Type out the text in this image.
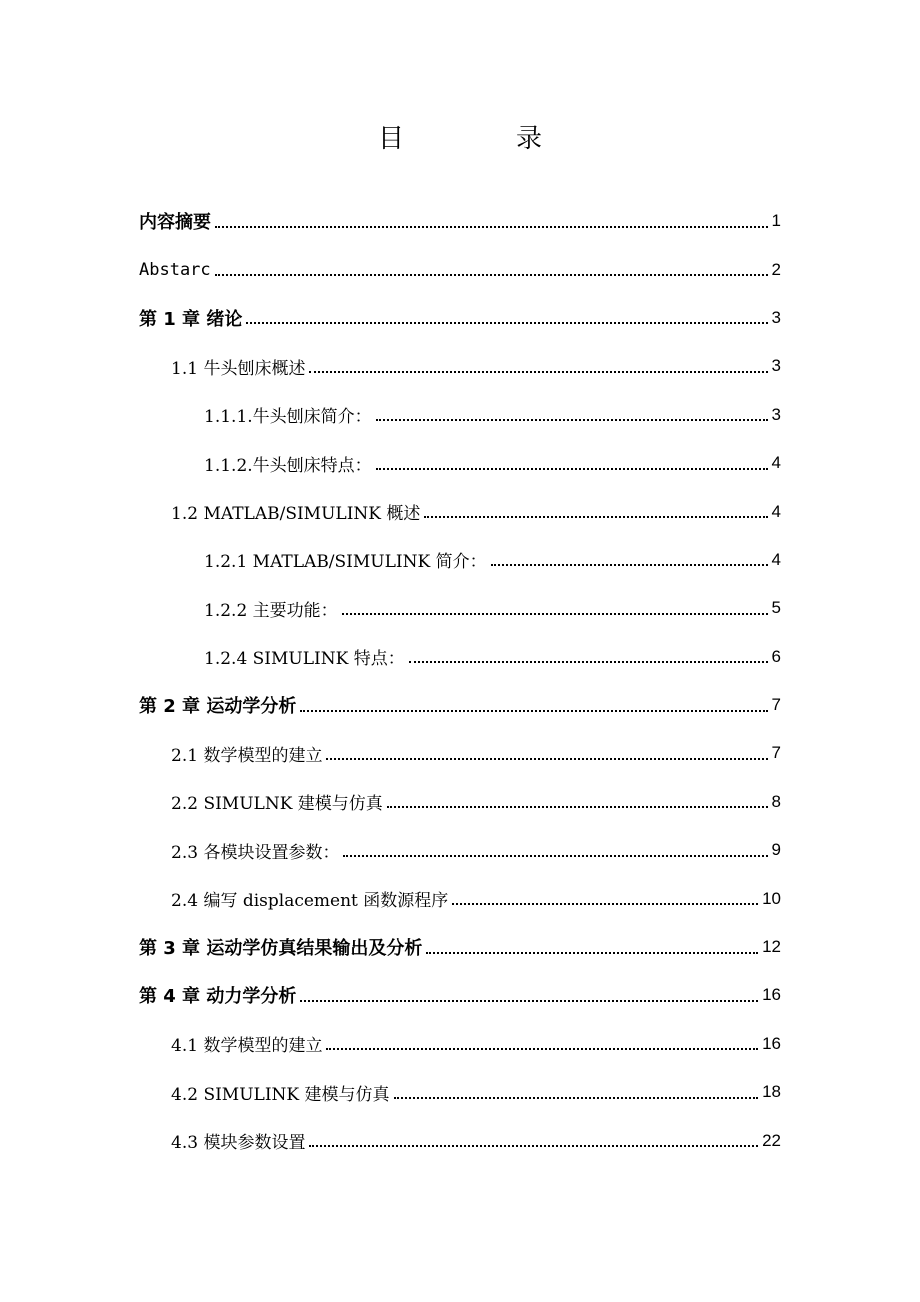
目	录
内容摘要	1
Abstarc	2
第 1 章 绪论	3
1.1 牛头刨床概述	3
1.1.1.牛头刨床简介：	3
1.1.2.牛头刨床特点：	4
1.2 MATLAB/SIMULINK 概述	4
1.2.1 MATLAB/SIMULINK 简介：	4
1.2.2 主要功能：	5
1.2.4 SIMULINK 特点：	6
第 2 章 运动学分析	7
2.1 数学模型的建立	7
2.2 SIMULNK 建模与仿真	8
2.3 各模块设置参数：	9
2.4 编写 displacement 函数源程序	10
第 3 章 运动学仿真结果输出及分析	12
第 4 章 动力学分析	16
4.1 数学模型的建立	16
4.2 SIMULINK 建模与仿真	18
4.3 模块参数设置	22
